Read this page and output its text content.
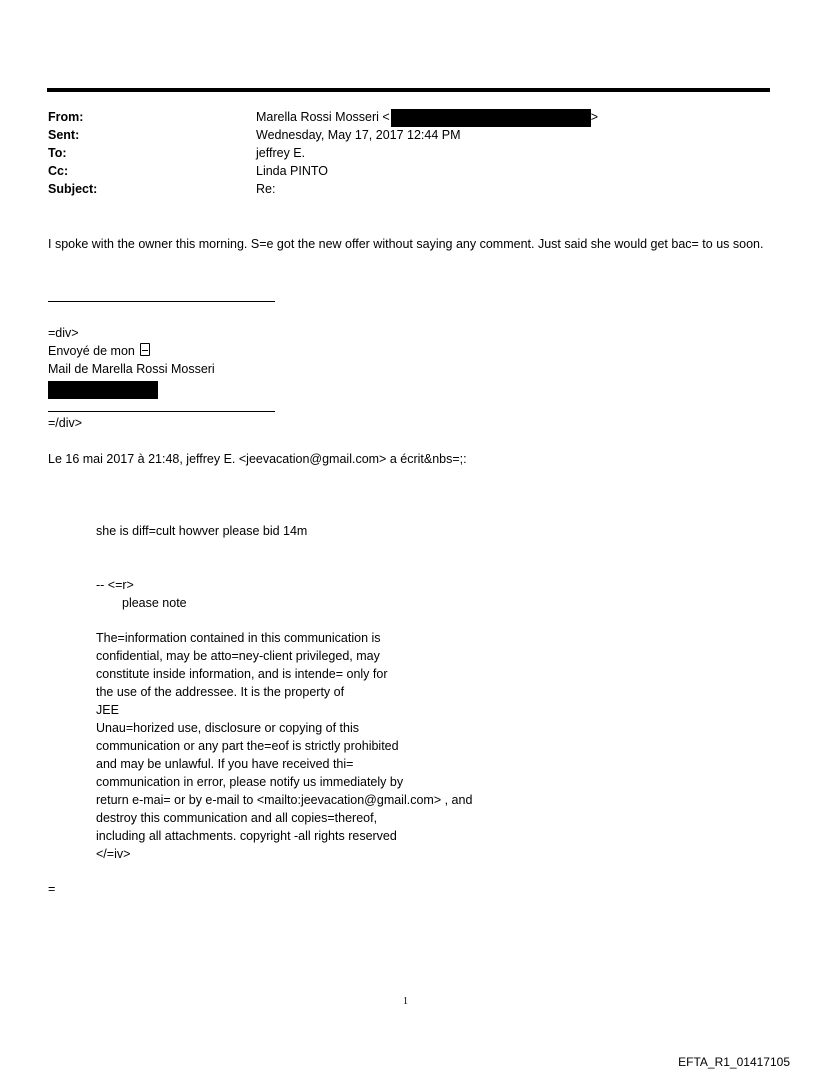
From:	Marella Rossi Mosseri <	>
Sent:	Wednesday, May 17, 2017 12:44 PM
To:	jeffrey E.
Cc:	Linda PINTO
Subject:	Re:
I spoke with the owner this morning. S=e got the new offer without saying any comment. Just said she would get bac= to us soon.
=div>
Envoyé de mon
Mail de Marella Rossi Mosseri
=/div>
Le 16 mai 2017 à 21:48, jeffrey E. <jeevacation@gmail.com> a écrit&nbs=;:
she is diff=cult howver please bid 14m
-- <=r>
please note
The=information contained in this communication is
confidential, may be atto=ney-client privileged, may
constitute inside information, and is intende= only for
the use of the addressee. It is the property of
JEE
Unau=horized use, disclosure or copying of this
communication or any part the=eof is strictly prohibited
and may be unlawful. If you have received thi=
communication in error, please notify us immediately by
return e-mai= or by e-mail to <mailto:jeevacation@gmail.com> , and
destroy this communication and all copies=thereof,
including all attachments. copyright -all rights reserved
</=iv>
=
1
EFTA_R1_01417105
